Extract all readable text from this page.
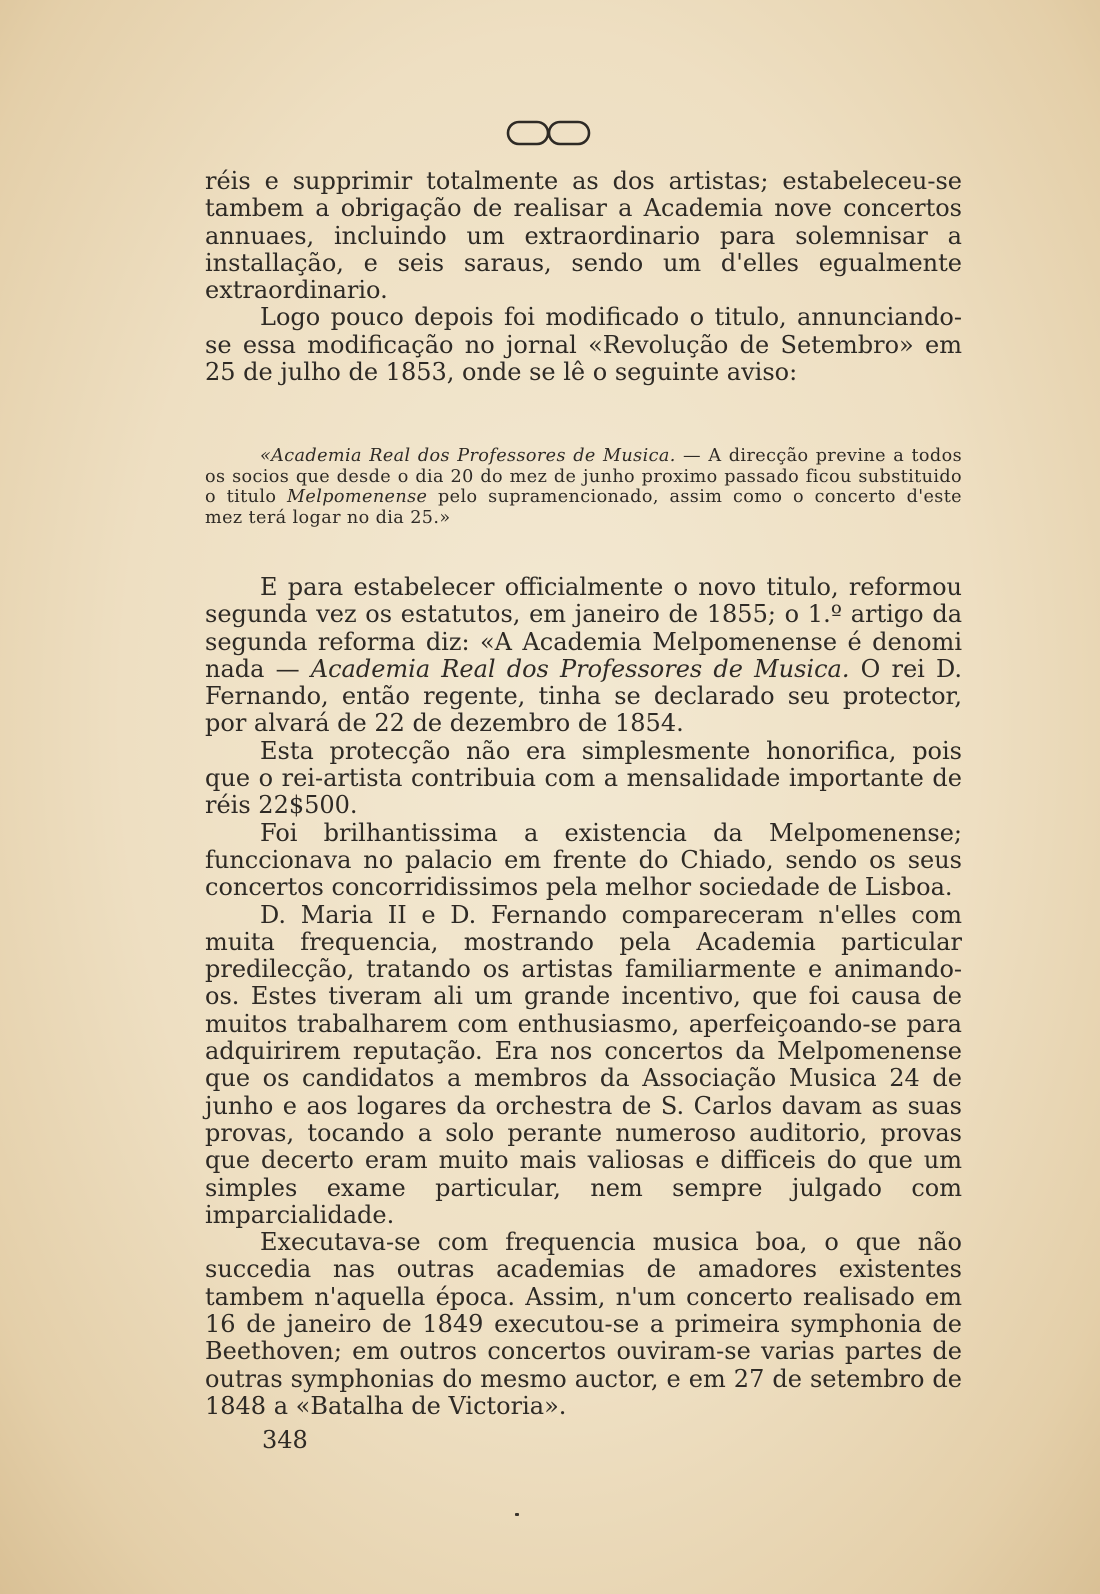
réis e supprimir totalmente as dos artistas; estabeleceu-se tambem a obrigação de realisar a Academia nove concertos annuaes, incluindo um extraordinario para solemnisar a installação, e seis saraus, sendo um d'elles egualmente extraordinario.

Logo pouco depois foi modificado o titulo, annunciando-se essa modificação no jornal «Revolução de Setembro» em 25 de julho de 1853, onde se lê o seguinte aviso:

«Academia Real dos Professores de Musica. — A direcção previne a todos os socios que desde o dia 20 do mez de junho proximo passado ficou substituido o titulo Melpomenense pelo supramencionado, assim como o concerto d'este mez terá logar no dia 25.»

E para estabelecer officialmente o novo titulo, reformou segunda vez os estatutos, em janeiro de 1855; o 1.º artigo da segunda reforma diz: «A Academia Melpomenense é denomi nada — Academia Real dos Professores de Musica. O rei D. Fernando, então regente, tinha se declarado seu protector, por alvará de 22 de dezembro de 1854.

Esta protecção não era simplesmente honorifica, pois que o rei-artista contribuia com a mensalidade importante de réis 22$500.

Foi brilhantissima a existencia da Melpomenense; funccionava no palacio em frente do Chiado, sendo os seus concertos concorridissimos pela melhor sociedade de Lisboa.

D. Maria II e D. Fernando compareceram n'elles com muita frequencia, mostrando pela Academia particular predilecção, tratando os artistas familiarmente e animando-os. Estes tiveram ali um grande incentivo, que foi causa de muitos trabalharem com enthusiasmo, aperfeiçoando-se para adquirirem reputação. Era nos concertos da Melpomenense que os candidatos a membros da Associação Musica 24 de junho e aos logares da orchestra de S. Carlos davam as suas provas, tocando a solo perante numeroso auditorio, provas que decerto eram muito mais valiosas e difficeis do que um simples exame particular, nem sempre julgado com imparcialidade.

Executava-se com frequencia musica boa, o que não succedia nas outras academias de amadores existentes tambem n'aquella época. Assim, n'um concerto realisado em 16 de janeiro de 1849 executou-se a primeira symphonia de Beethoven; em outros concertos ouviram-se varias partes de outras symphonias do mesmo auctor, e em 27 de setembro de 1848 a «Batalha de Victoria».

348
